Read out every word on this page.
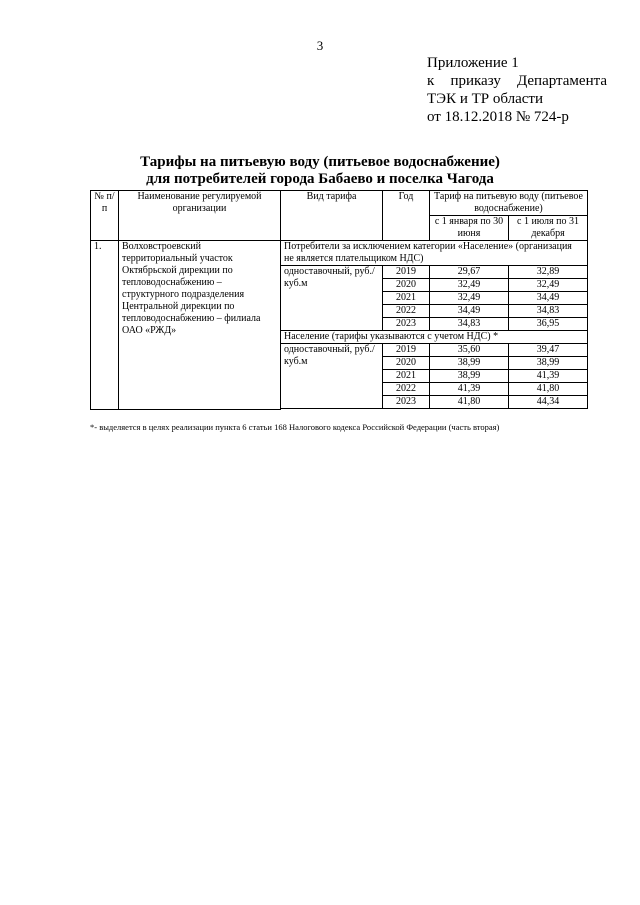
3
Приложение 1
к приказу Департамента
ТЭК и ТР области
от 18.12.2018 № 724-р
Тарифы на питьевую воду (питьевое водоснабжение)
для потребителей города Бабаево и поселка Чагода
№ п/п	Наименование регулируемой организации	Вид тарифа	Год	Тариф на питьевую воду (питьевое водоснабжение)	
				с 1 января по 30 июня	с 1 июля по 31 декабря
1.	Волховстроевский территориальный участок Октябрьской дирекции по тепловодоснабжению – структурного подразделения Центральной дирекции по тепловодоснабжению – филиала ОАО «РЖД»	Потребители за исключением категории «Население» (организация не является плательщиком НДС)			
		одноставочный, руб./куб.м	2019	29,67	32,89
			2020	32,49	32,49
			2021	32,49	34,49
			2022	34,49	34,83
			2023	34,83	36,95
		Население (тарифы указываются с учетом НДС) *			
		одноставочный, руб./куб.м	2019	35,60	39,47
			2020	38,99	38,99
			2021	38,99	41,39
			2022	41,39	41,80
			2023	41,80	44,34

*- выделяется в целях реализации пункта 6 статьи 168 Налогового кодекса Российской Федерации (часть вторая)
